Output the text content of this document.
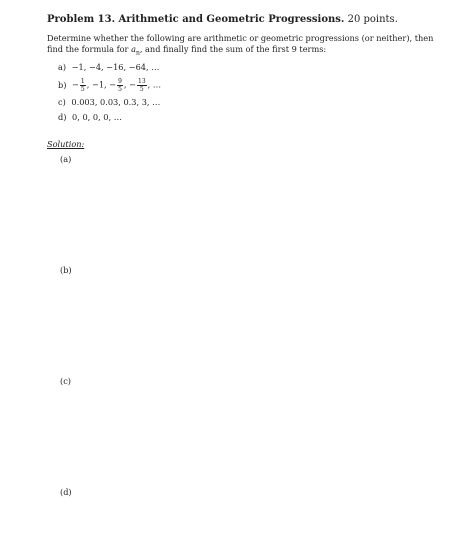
Problem 13. Arithmetic and Geometric Progressions. 20 points.
Determine whether the following are arithmetic or geometric progressions (or neither), then find the formula for $a_n$, and finally find the sum of the first 9 terms:
a) −1, −4, −16, −64, …
$b) - \frac{1}{5}$ , −1, − $\frac{9}{5}$ , − $\frac{13}{5}$ , …
c) 0.003, 0.03, 0.3, 3, …
d) 0, 0, 0, 0, …
Solution:
(a)
(b)
(c)
(d)
